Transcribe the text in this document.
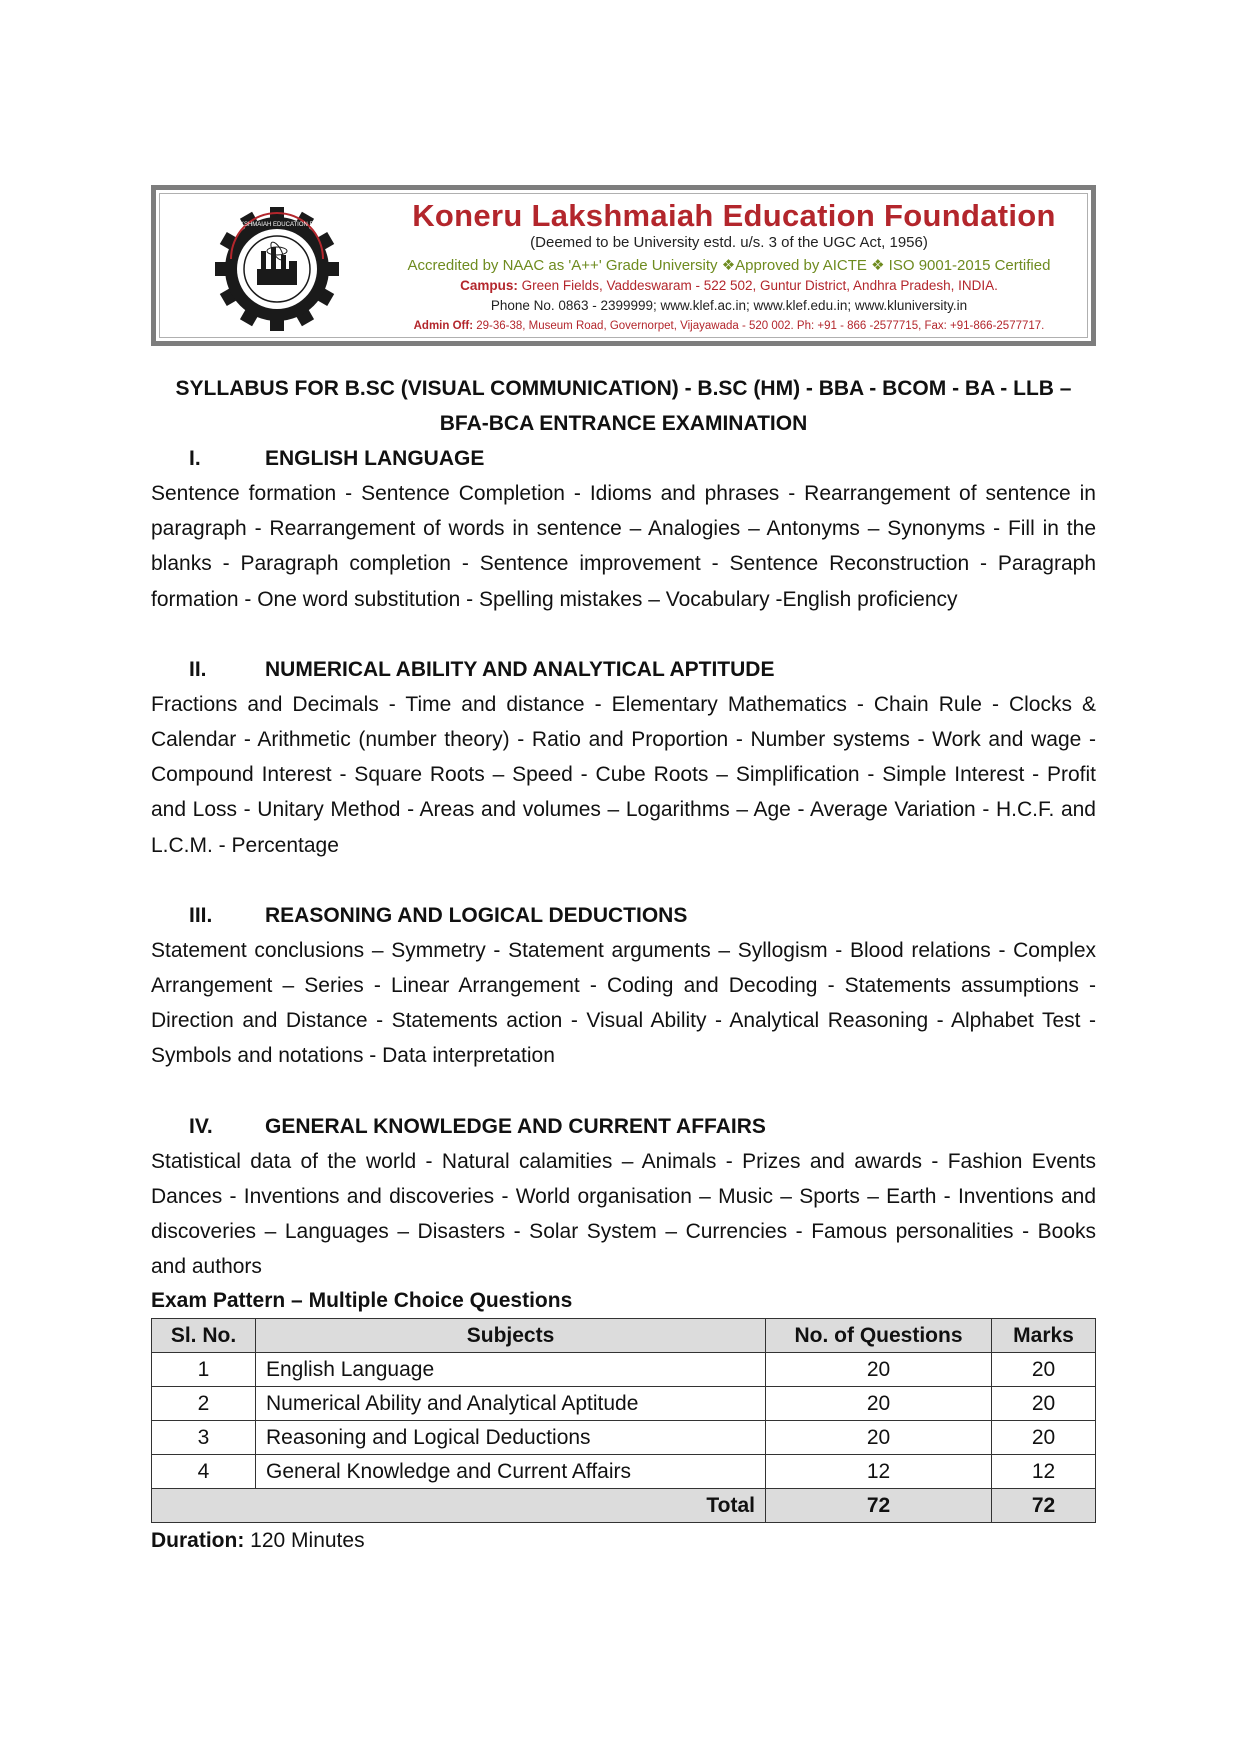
KONERU LAKSHMAIAH EDUCATION FOUNDATION	Koneru Lakshmaiah Education Foundation
(Deemed to be University estd. u/s. 3 of the UGC Act, 1956)
Accredited by NAAC as 'A++' Grade University ❖Approved by AICTE ❖ ISO 9001-2015 Certified
Campus: Green Fields, Vaddeswaram - 522 502, Guntur District, Andhra Pradesh, INDIA.
Phone No. 0863 - 2399999; www.klef.ac.in; www.klef.edu.in; www.kluniversity.in
Admin Off: 29-36-38, Museum Road, Governorpet, Vijayawada - 520 002. Ph: +91 - 866 -2577715, Fax: +91-866-2577717.
SYLLABUS FOR B.SC (VISUAL COMMUNICATION) - B.SC (HM) - BBA - BCOM - BA - LLB –
BFA-BCA ENTRANCE EXAMINATION
I.	ENGLISH LANGUAGE

Sentence formation - Sentence Completion - Idioms and phrases - Rearrangement of sentence in paragraph - Rearrangement of words in sentence – Analogies – Antonyms – Synonyms - Fill in the blanks - Paragraph completion - Sentence improvement - Sentence Reconstruction - Paragraph formation - One word substitution - Spelling mistakes – Vocabulary -English proficiency

II.	NUMERICAL ABILITY AND ANALYTICAL APTITUDE

Fractions and Decimals - Time and distance - Elementary Mathematics - Chain Rule - Clocks & Calendar - Arithmetic (number theory) - Ratio and Proportion - Number systems - Work and wage - Compound Interest - Square Roots – Speed - Cube Roots – Simplification - Simple Interest - Profit and Loss - Unitary Method - Areas and volumes – Logarithms – Age - Average Variation - H.C.F. and L.C.M. - Percentage

III.	REASONING AND LOGICAL DEDUCTIONS

Statement conclusions – Symmetry - Statement arguments – Syllogism - Blood relations - Complex Arrangement – Series - Linear Arrangement - Coding and Decoding - Statements assumptions - Direction and Distance - Statements action - Visual Ability - Analytical Reasoning - Alphabet Test - Symbols and notations - Data interpretation

IV.	GENERAL KNOWLEDGE AND CURRENT AFFAIRS

Statistical data of the world - Natural calamities – Animals - Prizes and awards - Fashion Events Dances - Inventions and discoveries - World organisation – Music – Sports – Earth - Inventions and discoveries – Languages – Disasters - Solar System – Currencies - Famous personalities - Books and authors

Exam Pattern – Multiple Choice Questions
Sl. No.	Subjects	No. of Questions	Marks
1	English Language	20	20
2	Numerical Ability and Analytical Aptitude	20	20
3	Reasoning and Logical Deductions	20	20
4	General Knowledge and Current Affairs	12	12
Total		72	72
Duration: 120 Minutes
